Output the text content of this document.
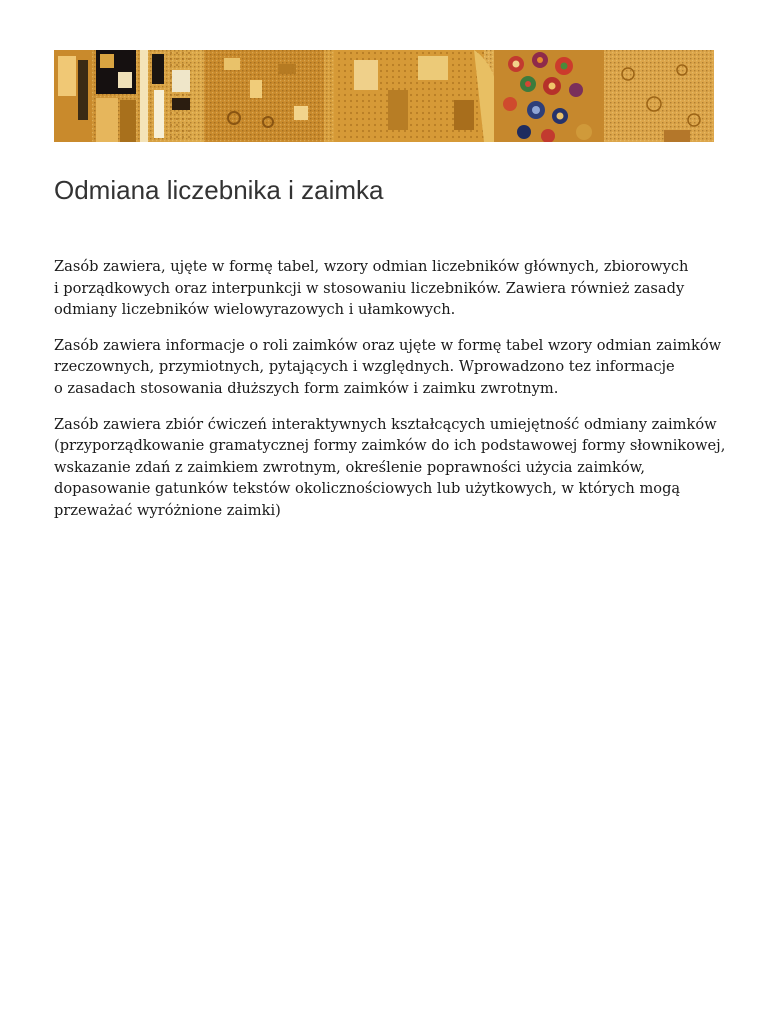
Odmiana liczebnika i zaimka

Zasób zawiera, ujęte w formę tabel, wzory odmian liczebników głównych, zbiorowych
i porządkowych oraz interpunkcji w stosowaniu liczebników. Zawiera również zasady
odmiany liczebników wielowyrazowych i ułamkowych.

Zasób zawiera informacje o roli zaimków oraz ujęte w formę tabel wzory odmian zaimków
rzeczownych, przymiotnych, pytających i względnych. Wprowadzono tez informacje
o zasadach stosowania dłuższych form zaimków i zaimku zwrotnym.

Zasób zawiera zbiór ćwiczeń interaktywnych kształcących umiejętność odmiany zaimków
(przyporządkowanie gramatycznej formy zaimków do ich podstawowej formy słownikowej,
wskazanie zdań z zaimkiem zwrotnym, określenie poprawności użycia zaimków,
dopasowanie gatunków tekstów okolicznościowych lub użytkowych, w których mogą
przeważać wyróżnione zaimki)
